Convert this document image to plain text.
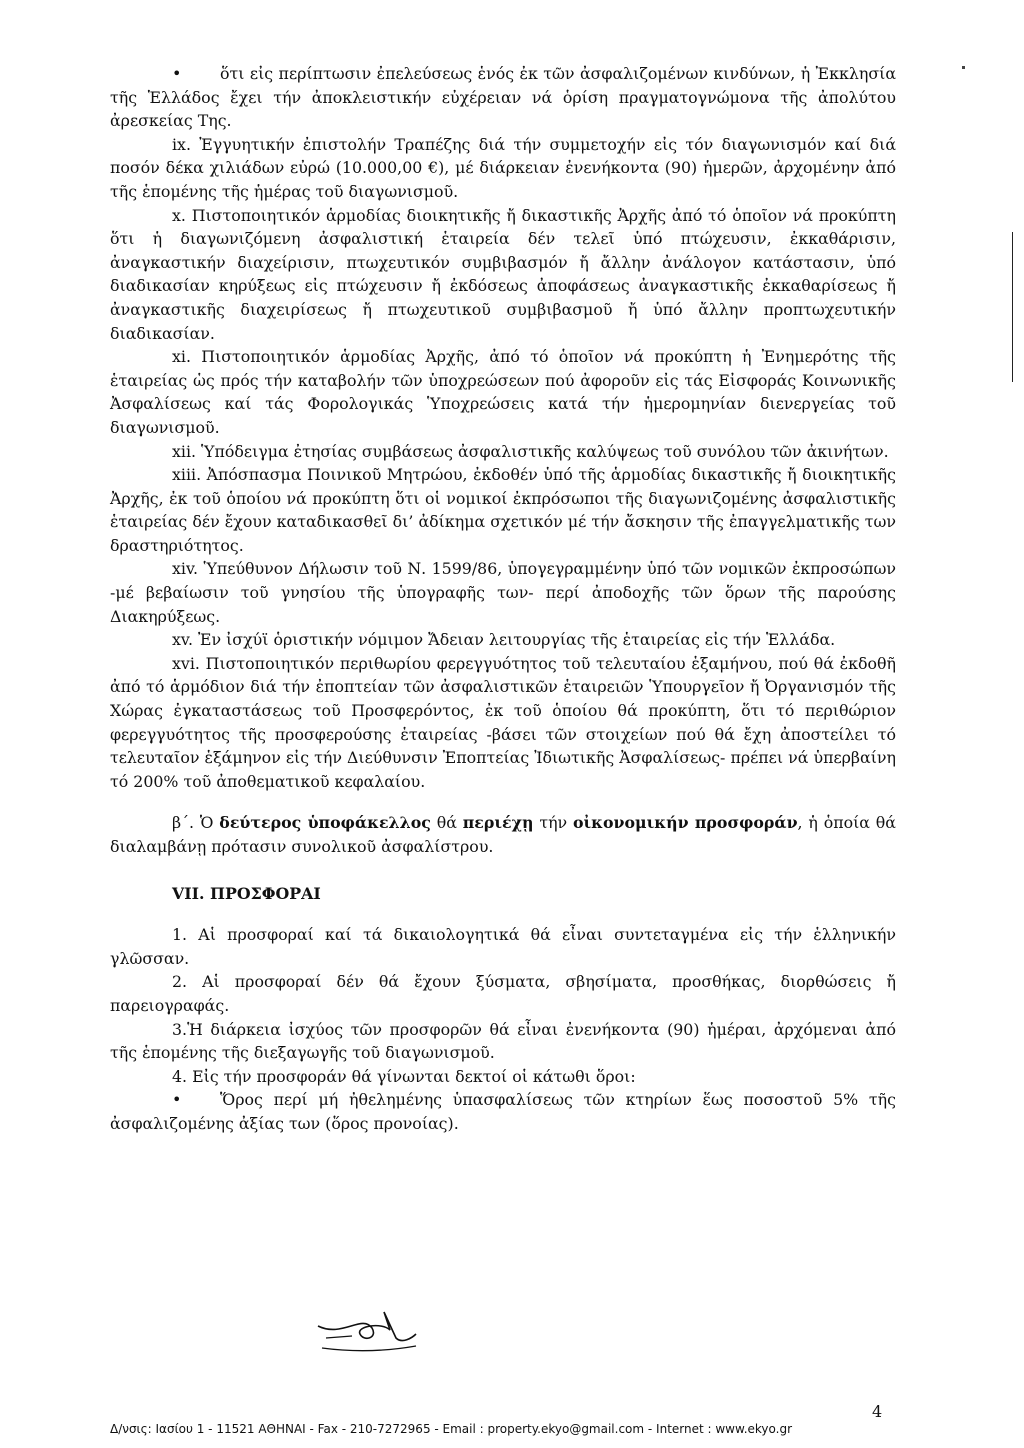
• ὅτι εἰς περίπτωσιν ἐπελεύσεως ἑνός ἐκ τῶν ἀσφαλιζομένων κινδύνων, ἡ Ἐκκλησία τῆς Ἑλλάδος ἔχει τήν ἀποκλειστικήν εὐχέρειαν νά ὁρίση πραγματογνώμονα τῆς ἀπολύτου ἀρεσκείας Της.

ix. Ἐγγυητικήν ἐπιστολήν Τραπέζης διά τήν συμμετοχήν εἰς τόν διαγωνισμόν καί διά ποσόν δέκα χιλιάδων εὐρώ (10.000,00 €), μέ διάρκειαν ἐνενήκοντα (90) ἡμερῶν, ἀρχομένην ἀπό τῆς ἑπομένης τῆς ἡμέρας τοῦ διαγωνισμοῦ.

x. Πιστοποιητικόν ἁρμοδίας διοικητικῆς ἤ δικαστικῆς Ἀρχῆς ἀπό τό ὁποῖον νά προκύπτη ὅτι ἡ διαγωνιζόμενη ἀσφαλιστική ἑταιρεία δέν τελεῖ ὑπό πτώχευσιν, ἐκκαθάρισιν, ἀναγκαστικήν διαχείρισιν, πτωχευτικόν συμβιβασμόν ἤ ἄλλην ἀνάλογον κατάστασιν, ὑπό διαδικασίαν κηρύξεως εἰς πτώχευσιν ἤ ἐκδόσεως ἀποφάσεως ἀναγκαστικῆς ἐκκαθαρίσεως ἤ ἀναγκαστικῆς διαχειρίσεως ἤ πτωχευτικοῦ συμβιβασμοῦ ἤ ὑπό ἄλλην προπτωχευτικήν διαδικασίαν.

xi. Πιστοποιητικόν ἁρμοδίας Ἀρχῆς, ἀπό τό ὁποῖον νά προκύπτη ἡ Ἐνημερότης τῆς ἑταιρείας ὡς πρός τήν καταβολήν τῶν ὑποχρεώσεων πού ἀφοροῦν εἰς τάς Εἰσφοράς Κοινωνικῆς Ἀσφαλίσεως καί τάς Φορολογικάς Ὑποχρεώσεις κατά τήν ἡμερομηνίαν διενεργείας τοῦ διαγωνισμοῦ.

xii. Ὑπόδειγμα ἐτησίας συμβάσεως ἀσφαλιστικῆς καλύψεως τοῦ συνόλου τῶν ἀκινήτων.

xiii. Ἀπόσπασμα Ποινικοῦ Μητρώου, ἐκδοθέν ὑπό τῆς ἁρμοδίας δικαστικῆς ἤ διοικητικῆς Ἀρχῆς, ἐκ τοῦ ὁποίου νά προκύπτη ὅτι οἱ νομικοί ἐκπρόσωποι τῆς διαγωνιζομένης ἀσφαλιστικῆς ἑταιρείας δέν ἔχουν καταδικασθεῖ δι’ ἀδίκημα σχετικόν μέ τήν ἄσκησιν τῆς ἐπαγγελματικῆς των δραστηριότητος.

xiv. Ὑπεύθυνον Δήλωσιν τοῦ Ν. 1599/86, ὑπογεγραμμένην ὑπό τῶν νομικῶν ἐκπροσώπων -μέ βεβαίωσιν τοῦ γνησίου τῆς ὑπογραφῆς των- περί ἀποδοχῆς τῶν ὅρων τῆς παρούσης Διακηρύξεως.

xv. Ἐν ἰσχύϊ ὁριστικήν νόμιμον Ἄδειαν λειτουργίας τῆς ἑταιρείας εἰς τήν Ἑλλάδα.

xvi. Πιστοποιητικόν περιθωρίου φερεγγυότητος τοῦ τελευταίου ἑξαμήνου, πού θά ἐκδοθῆ ἀπό τό ἁρμόδιον διά τήν ἐποπτείαν τῶν ἀσφαλιστικῶν ἑταιρειῶν Ὑπουργεῖον ἤ Ὀργανισμόν τῆς Χώρας ἐγκαταστάσεως τοῦ Προσφερόντος, ἐκ τοῦ ὁποίου θά προκύπτη, ὅτι τό περιθώριον φερεγγυότητος τῆς προσφερούσης ἑταιρείας -βάσει τῶν στοιχείων πού θά ἔχη ἀποστείλει τό τελευταῖον ἑξάμηνον εἰς τήν Διεύθυνσιν Ἐποπτείας Ἰδιωτικῆς Ἀσφαλίσεως- πρέπει νά ὑπερβαίνη τό 200% τοῦ ἀποθεματικοῦ κεφαλαίου.

β΄. Ὁ δεύτερος ὑποφάκελλος θά περιέχῃ τήν οἰκονομικήν προσφοράν, ἡ ὁποία θά διαλαμβάνῃ πρότασιν συνολικοῦ ἀσφαλίστρου.

VII. ΠΡΟΣΦΟΡΑΙ

1. Αἱ προσφοραί καί τά δικαιολογητικά θά εἶναι συντεταγμένα εἰς τήν ἑλληνικήν γλῶσσαν.

2. Αἱ προσφοραί δέν θά ἔχουν ξύσματα, σβησίματα, προσθήκας, διορθώσεις ἤ παρειογραφάς.

3.Ἡ διάρκεια ἰσχύος τῶν προσφορῶν θά εἶναι ἐνενήκοντα (90) ἡμέραι, ἀρχόμεναι ἀπό τῆς ἑπομένης τῆς διεξαγωγῆς τοῦ διαγωνισμοῦ.

4. Εἰς τήν προσφοράν θά γίνωνται δεκτοί οἱ κάτωθι ὅροι:

• Ὅρος περί μή ἠθελημένης ὑπασφαλίσεως τῶν κτηρίων ἕως ποσοστοῦ 5% τῆς ἀσφαλιζομένης ἀξίας των (ὅρος προνοίας).

4
Δ/νσις: Ιασίου 1 - 11521 ΑΘΗΝΑΙ - Fax - 210-7272965 - Email : property.ekyo@gmail.com - Internet : www.ekyo.gr
